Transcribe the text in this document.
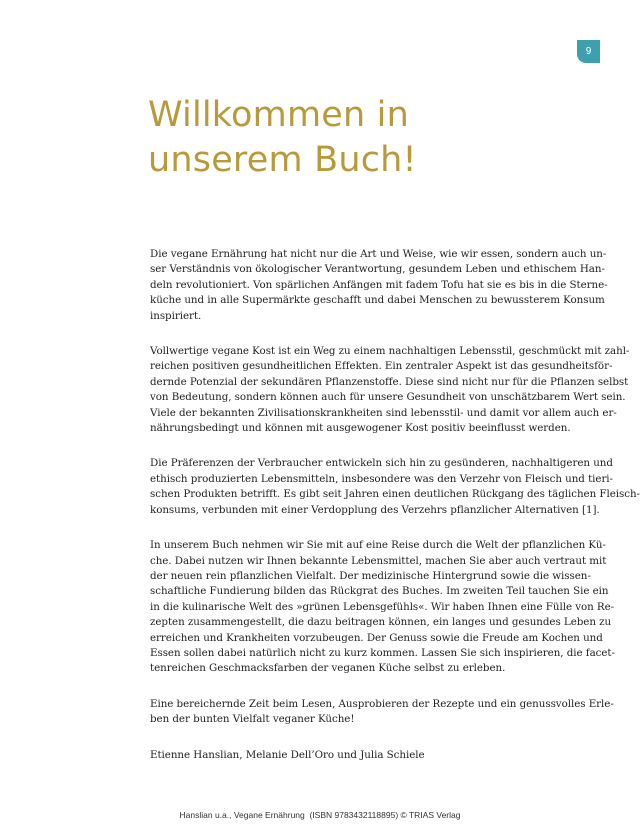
9
Willkommen in
unserem Buch!

Die vegane Ernährung hat nicht nur die Art und Weise, wie wir essen, sondern auch un-
ser Verständnis von ökologischer Verantwortung, gesundem Leben und ethischem Han-
deln revolutioniert. Von spärlichen Anfängen mit fadem Tofu hat sie es bis in die Sterne-
küche und in alle Supermärkte geschafft und dabei Menschen zu bewussterem Konsum
inspiriert.

Vollwertige vegane Kost ist ein Weg zu einem nachhaltigen Lebensstil, geschmückt mit zahl-
reichen positiven gesundheitlichen Effekten. Ein zentraler Aspekt ist das gesundheitsför-
dernde Potenzial der sekundären Pflanzenstoffe. Diese sind nicht nur für die Pflanzen selbst
von Bedeutung, sondern können auch für unsere Gesundheit von unschätzbarem Wert sein.
Viele der bekannten Zivilisationskrankheiten sind lebensstil- und damit vor allem auch er-
nährungsbedingt und können mit ausgewogener Kost positiv beeinflusst werden.

Die Präferenzen der Verbraucher entwickeln sich hin zu gesünderen, nachhaltigeren und
ethisch produzierten Lebensmitteln, insbesondere was den Verzehr von Fleisch und tieri-
schen Produkten betrifft. Es gibt seit Jahren einen deutlichen Rückgang des täglichen Fleisch-
konsums, verbunden mit einer Verdopplung des Verzehrs pflanzlicher Alternativen [1].

In unserem Buch nehmen wir Sie mit auf eine Reise durch die Welt der pflanzlichen Kü-
che. Dabei nutzen wir Ihnen bekannte Lebensmittel, machen Sie aber auch vertraut mit
der neuen rein pflanzlichen Vielfalt. Der medizinische Hintergrund sowie die wissen-
schaftliche Fundierung bilden das Rückgrat des Buches. Im zweiten Teil tauchen Sie ein
in die kulinarische Welt des »grünen Lebensgefühls«. Wir haben Ihnen eine Fülle von Re-
zepten zusammengestellt, die dazu beitragen können, ein langes und gesundes Leben zu
erreichen und Krankheiten vorzubeugen. Der Genuss sowie die Freude am Kochen und
Essen sollen dabei natürlich nicht zu kurz kommen. Lassen Sie sich inspirieren, die facet-
tenreichen Geschmacksfarben der veganen Küche selbst zu erleben.

Eine bereichernde Zeit beim Lesen, Ausprobieren der Rezepte und ein genussvolles Erle-
ben der bunten Vielfalt veganer Küche!

Etienne Hanslian, Melanie Dell’Oro und Julia Schiele

Hanslian u.a., Vegane Ernährung  (ISBN 9783432118895) © TRIAS Verlag
